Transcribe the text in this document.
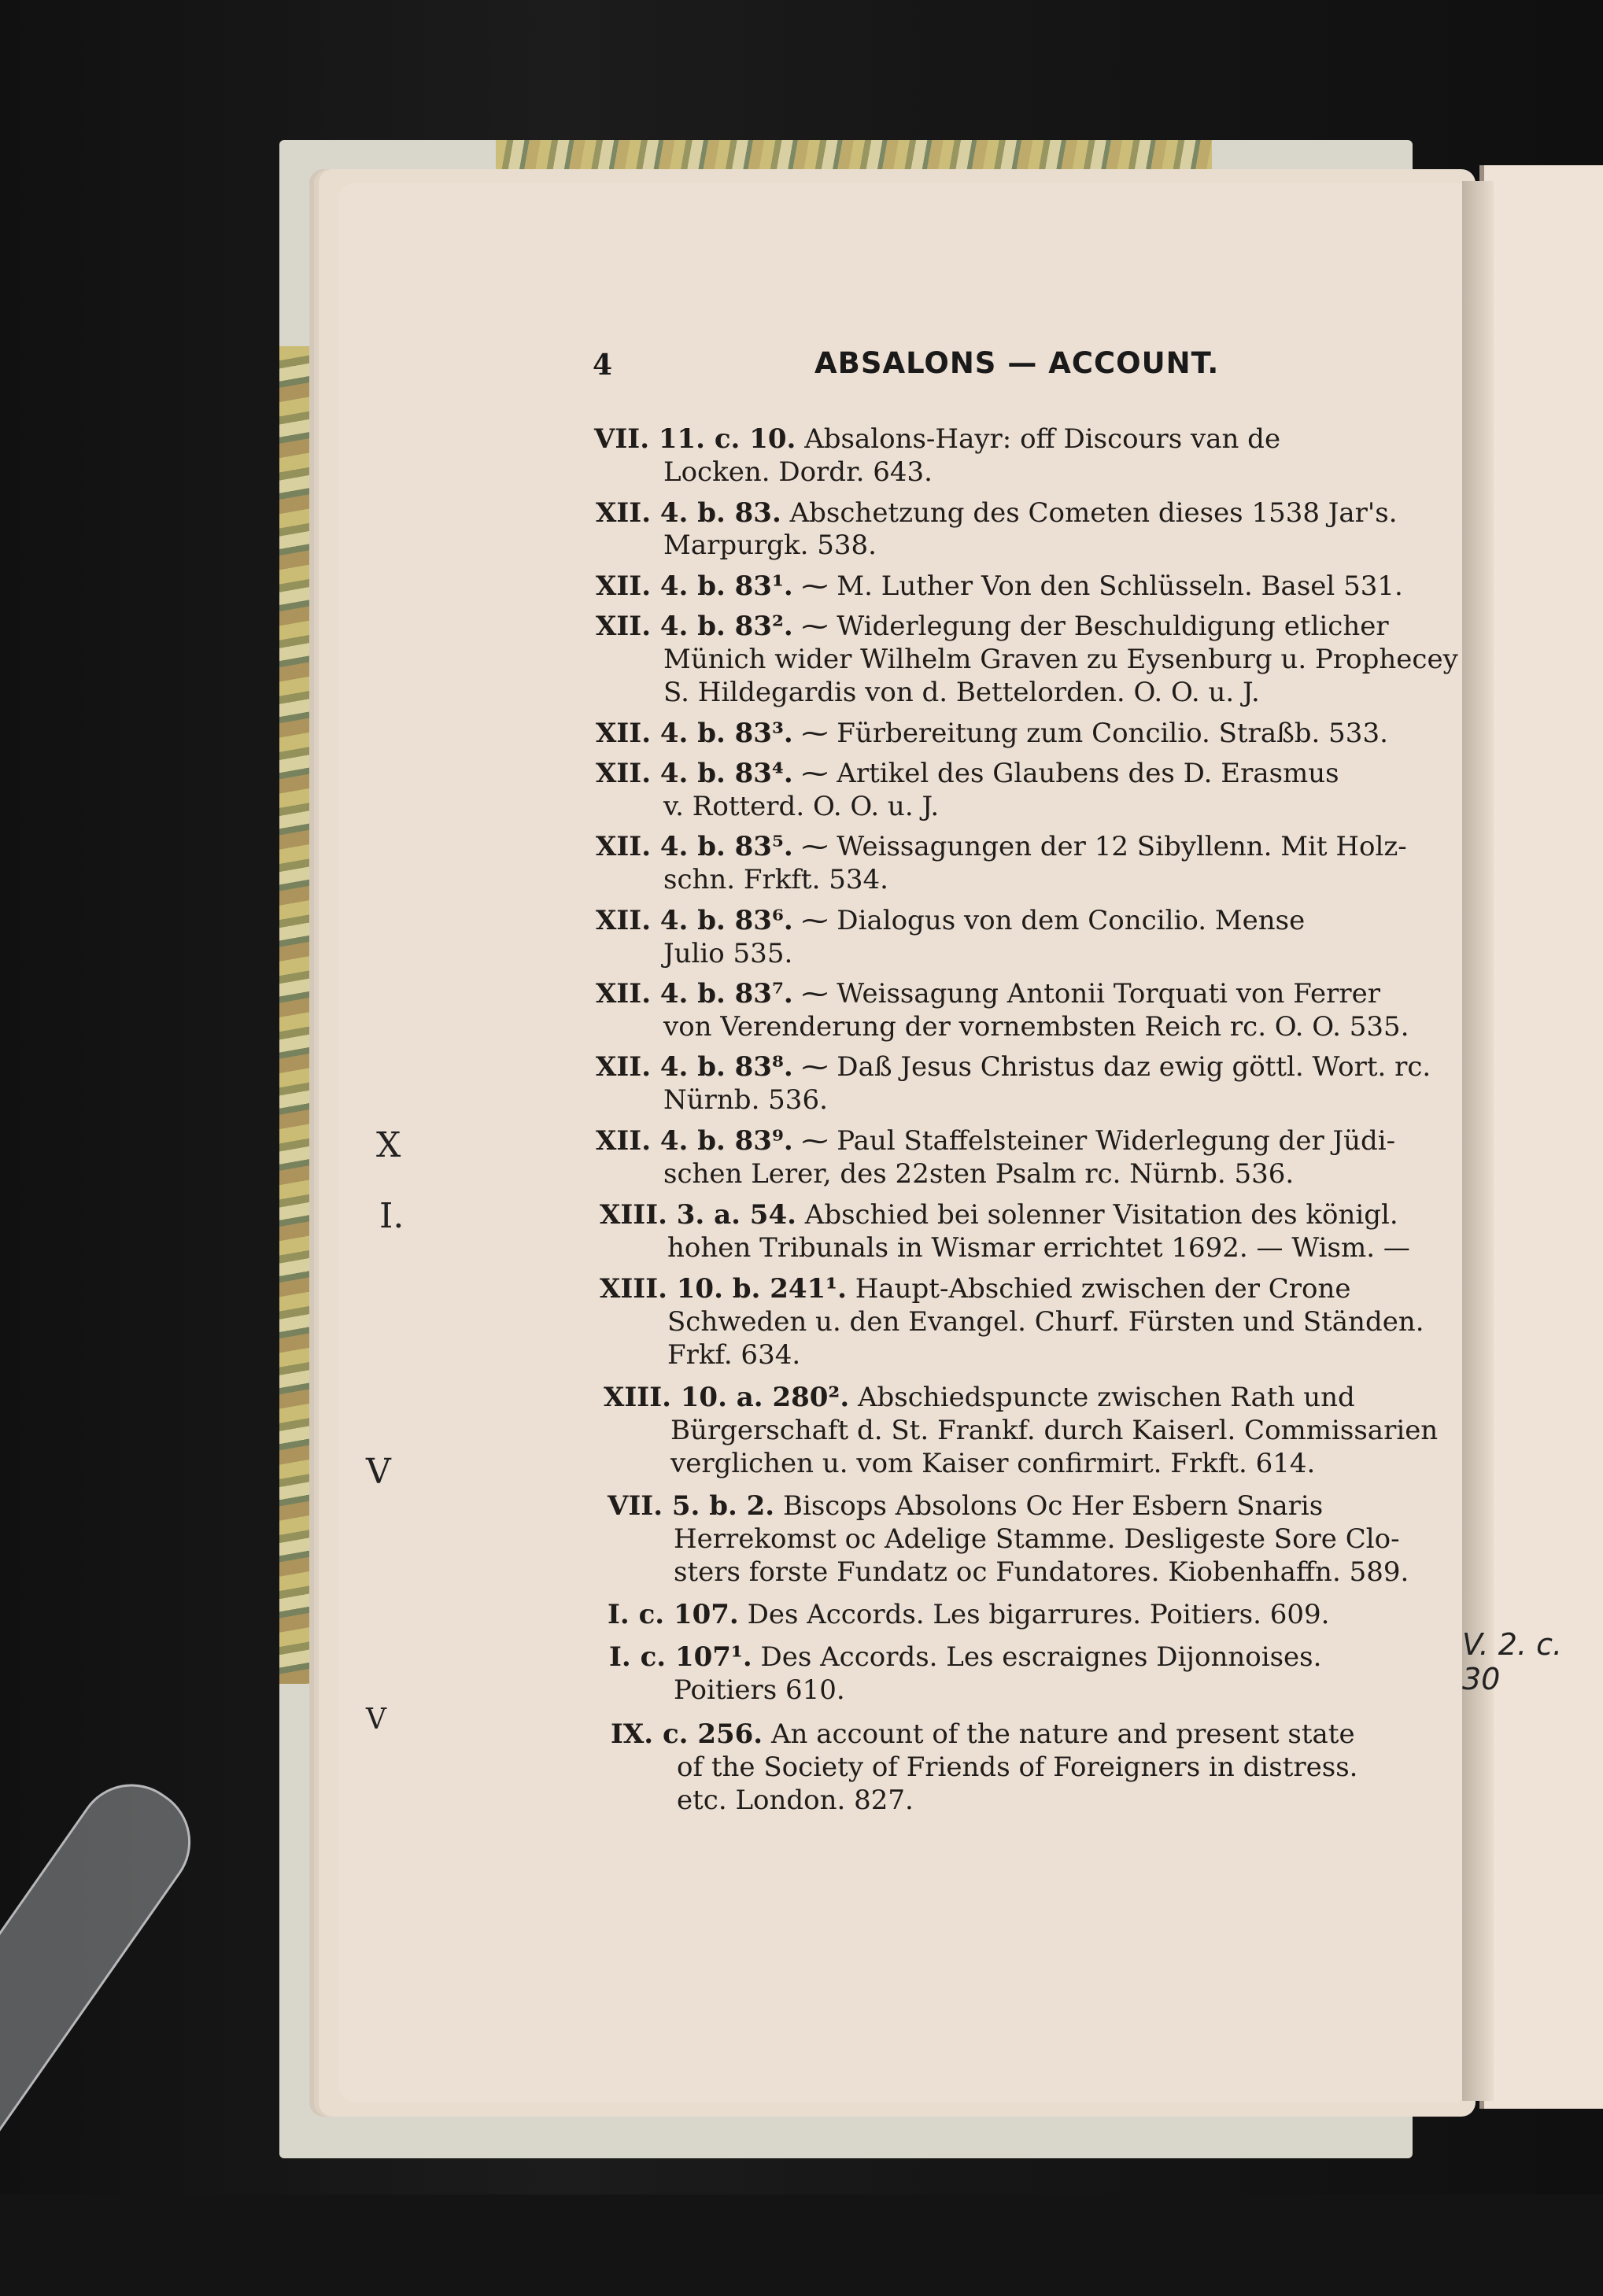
4	ABSALONS — ACCOUNT.

VII. 11. c. 10. Absalons-Hayr: off Discours van de

Locken. Dordr. 643.

XII. 4. b. 83. Abschetzung des Cometen dieses 1538 Jar's.

Marpurgk. 538.

XII. 4. b. 83¹. ⁓ M. Luther Von den Schlüsseln. Basel 531.

XII. 4. b. 83². ⁓ Widerlegung der Beschuldigung etlicher

Münich wider Wilhelm Graven zu Eysenburg u. Prophecey

S. Hildegardis von d. Bettelorden. O. O. u. J.

XII. 4. b. 83³. ⁓ Fürbereitung zum Concilio. Straßb. 533.

XII. 4. b. 83⁴. ⁓ Artikel des Glaubens des D. Erasmus

v. Rotterd. O. O. u. J.

XII. 4. b. 83⁵. ⁓ Weissagungen der 12 Sibyllenn. Mit Holz-

schn. Frkft. 534.

XII. 4. b. 83⁶. ⁓ Dialogus von dem Concilio. Mense

Julio 535.

XII. 4. b. 83⁷. ⁓ Weissagung Antonii Torquati von Ferrer

von Verenderung der vornembsten Reich rc. O. O. 535.

XII. 4. b. 83⁸. ⁓ Daß Jesus Christus daz ewig göttl. Wort. rc.

Nürnb. 536.

XII. 4. b. 83⁹. ⁓ Paul Staffelsteiner Widerlegung der Jüdi-

schen Lerer, des 22sten Psalm rc. Nürnb. 536.

XIII. 3. a. 54. Abschied bei solenner Visitation des königl.

hohen Tribunals in Wismar errichtet 1692. — Wism. —

XIII. 10. b. 241¹. Haupt-Abschied zwischen der Crone

Schweden u. den Evangel. Churf. Fürsten und Ständen.

Frkf. 634.

XIII. 10. a. 280². Abschiedspuncte zwischen Rath und

Bürgerschaft d. St. Frankf. durch Kaiserl. Commissarien

verglichen u. vom Kaiser confirmirt. Frkft. 614.

VII. 5. b. 2. Biscops Absolons Oc Her Esbern Snaris

Herrekomst oc Adelige Stamme. Desligeste Sore Clo-

sters forste Fundatz oc Fundatores. Kiobenhaffn. 589.

I. c. 107. Des Accords. Les bigarrures. Poitiers. 609.

I. c. 107¹. Des Accords. Les escraignes Dijonnoises.

Poitiers 610.

IX. c. 256. An account of the nature and present state

of the Society of Friends of Foreigners in distress.

etc. London. 827.

X
I.
V
V
V. 2. c. 30
